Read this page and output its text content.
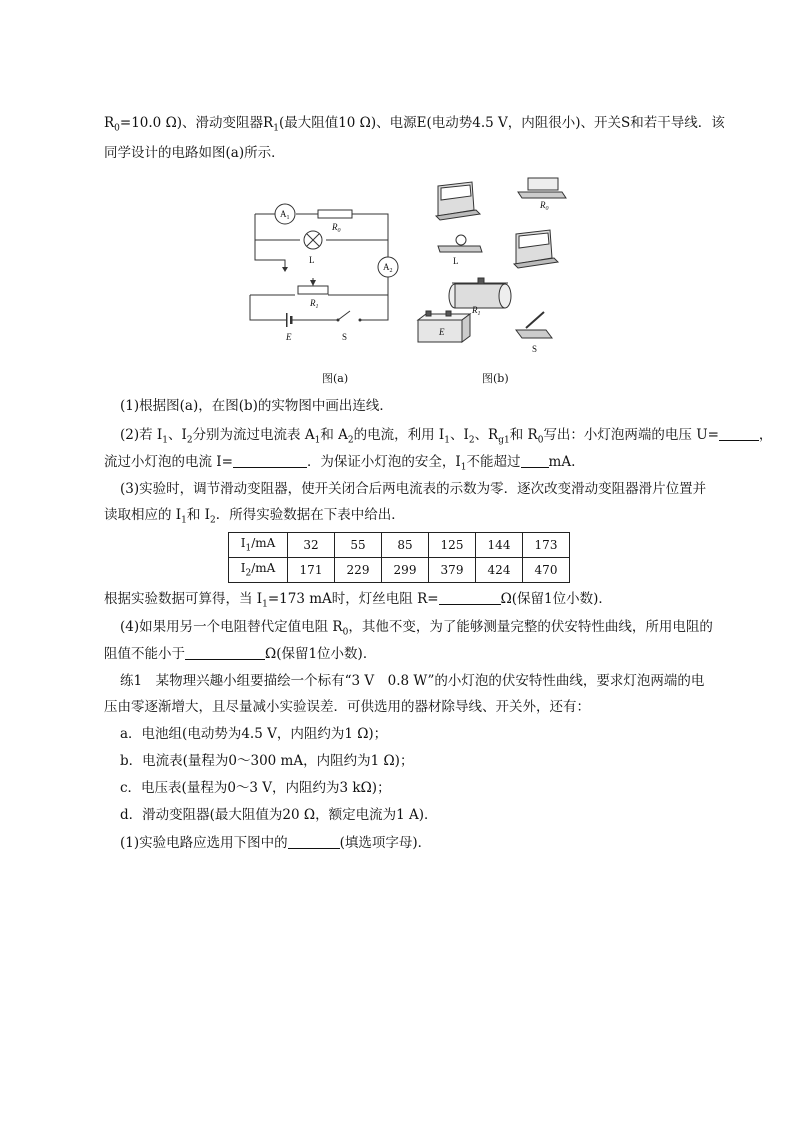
$R_0=10.0$ Ω)、滑动变阻器$R_1$(最大阻值10 Ω)、电源E(电动势4.5 V，内阻很小)、开关S和若干导线．该
同学设计的电路如图(a)所示．
$A_1$
$A_2$
$R_0$
L
$R_1$
E	S
$R_0$
L
$R_1$
E
S
图(a)	图(b)
(1)根据图(a)，在图(b)的实物图中画出连线．
(2)若 $I_1$、$I_2$分别为流过电流表 $A_1$和 $A_2$的电流，利用 $I_1$、$I_2$、$R_{g1}$和 $R_0$写出：小灯泡两端的电压 U=	，
流过小灯泡的电流 I=	．为保证小灯泡的安全，$I_1$不能超过 mA.
(3)实验时，调节滑动变阻器，使开关闭合后两电流表的示数为零．逐次改变滑动变阻器滑片位置并
读取相应的 $I_1$和 $I_2$．所得实验数据在下表中给出．
$I_1/mA$	32	55	85	125	144	173
$I_2/mA$	171	229	299	379	424	470
根据实验数据可算得，当 $I_1=173$ mA时，灯丝电阻 R=	Ω(保留1位小数)．
(4)如果用另一个电阻替代定值电阻 $R_0$，其他不变，为了能够测量完整的伏安特性曲线，所用电阻的
阻值不能小于	Ω(保留1位小数)．
练1　某物理兴趣小组要描绘一个标有“3 V　0.8 W”的小灯泡的伏安特性曲线，要求灯泡两端的电
压由零逐渐增大，且尽量减小实验误差．可供选用的器材除导线、开关外，还有：
a．电池组(电动势为4.5 V，内阻约为1 Ω)；
b．电流表(量程为0～300 mA，内阻约为1 Ω)；
c．电压表(量程为0～3 V，内阻约为3 kΩ)；
d．滑动变阻器(最大阻值为20 Ω，额定电流为1 A)．
(1)实验电路应选用下图中的	(填选项字母)．
